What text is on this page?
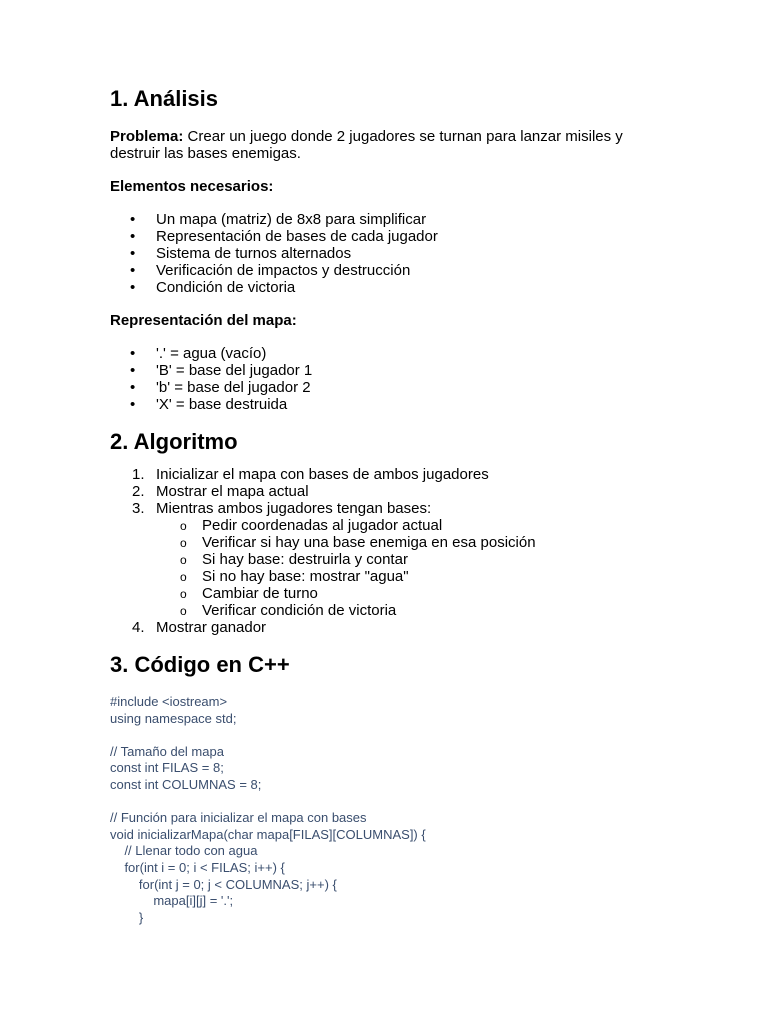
1. Análisis

Problema: Crear un juego donde 2 jugadores se turnan para lanzar misiles y destruir las bases enemigas.

Elementos necesarios:

• Un mapa (matriz) de 8x8 para simplificar
• Representación de bases de cada jugador
• Sistema de turnos alternados
• Verificación de impactos y destrucción
• Condición de victoria

Representación del mapa:

• '.' = agua (vacío)
• 'B' = base del jugador 1
• 'b' = base del jugador 2
• 'X' = base destruida
2. Algoritmo
1. Inicializar el mapa con bases de ambos jugadores
2. Mostrar el mapa actual
3. Mientras ambos jugadores tengan bases:
o Pedir coordenadas al jugador actual
o Verificar si hay una base enemiga en esa posición
o Si hay base: destruirla y contar
o Si no hay base: mostrar "agua"
o Cambiar de turno
o Verificar condición de victoria
4. Mostrar ganador
3. Código en C++
#include <iostream>
using namespace std;

// Tamaño del mapa
const int FILAS = 8;
const int COLUMNAS = 8;

// Función para inicializar el mapa con bases
void inicializarMapa(char mapa[FILAS][COLUMNAS]) {
// Llenar todo con agua
for(int i = 0; i < FILAS; i++) {
for(int j = 0; j < COLUMNAS; j++) {
mapa[i][j] = '.';
}
